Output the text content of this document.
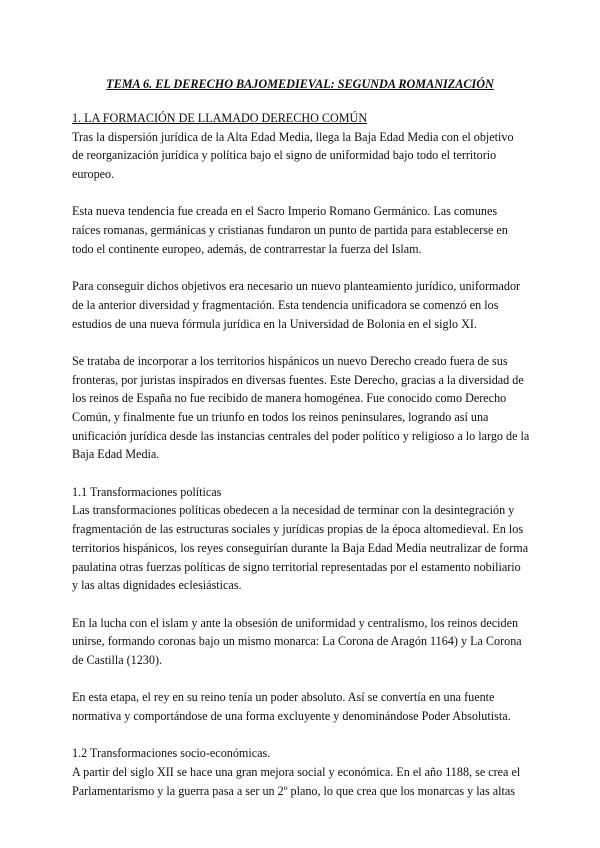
TEMA 6. EL DERECHO BAJOMEDIEVAL: SEGUNDA ROMANIZACIÓN
1. LA FORMACIÓN DE LLAMADO DERECHO COMÚN
Tras la dispersión jurídica de la Alta Edad Media, llega la Baja Edad Media con el objetivo
de reorganización jurídica y política bajo el signo de uniformidad bajo todo el territorio
europeo.
Esta nueva tendencia fue creada en el Sacro Imperio Romano Germánico. Las comunes
raíces romanas, germánicas y cristianas fundaron un punto de partida para establecerse en
todo el continente europeo, además, de contrarrestar la fuerza del Islam.
Para conseguir dichos objetivos era necesario un nuevo planteamiento jurídico, uniformador
de la anterior diversidad y fragmentación. Esta tendencia unificadora se comenzó en los
estudios de una nueva fórmula jurídica en la Universidad de Bolonia en el siglo XI.
Se trataba de incorporar a los territorios hispánicos un nuevo Derecho creado fuera de sus
fronteras, por juristas inspirados en diversas fuentes. Este Derecho, gracias a la diversidad de
los reinos de España no fue recibido de manera homogénea. Fue conocido como Derecho
Común, y finalmente fue un triunfo en todos los reinos peninsulares, logrando así una
unificación jurídica desde las instancias centrales del poder político y religioso a lo largo de la
Baja Edad Media.
1.1 Transformaciones políticas
Las transformaciones políticas obedecen a la necesidad de terminar con la desintegración y
fragmentación de las estructuras sociales y jurídicas propias de la época altomedieval. En los
territorios hispánicos, los reyes conseguirían durante la Baja Edad Media neutralizar de forma
paulatina otras fuerzas políticas de signo territorial representadas por el estamento nobiliario
y las altas dignidades eclesiásticas.
En la lucha con el islam y ante la obsesión de uniformidad y centralismo, los reinos deciden
unirse, formando coronas bajo un mismo monarca: La Corona de Aragón 1164) y La Corona
de Castilla (1230).
En esta etapa, el rey en su reino tenía un poder absoluto. Así se convertía en una fuente
normativa y comportándose de una forma excluyente y denominándose Poder Absolutista.
1.2 Transformaciones socio-económicas.
A partir del siglo XII se hace una gran mejora social y económica. En el año 1188, se crea el
Parlamentarismo y la guerra pasa a ser un 2º plano, lo que crea que los monarcas y las altas
